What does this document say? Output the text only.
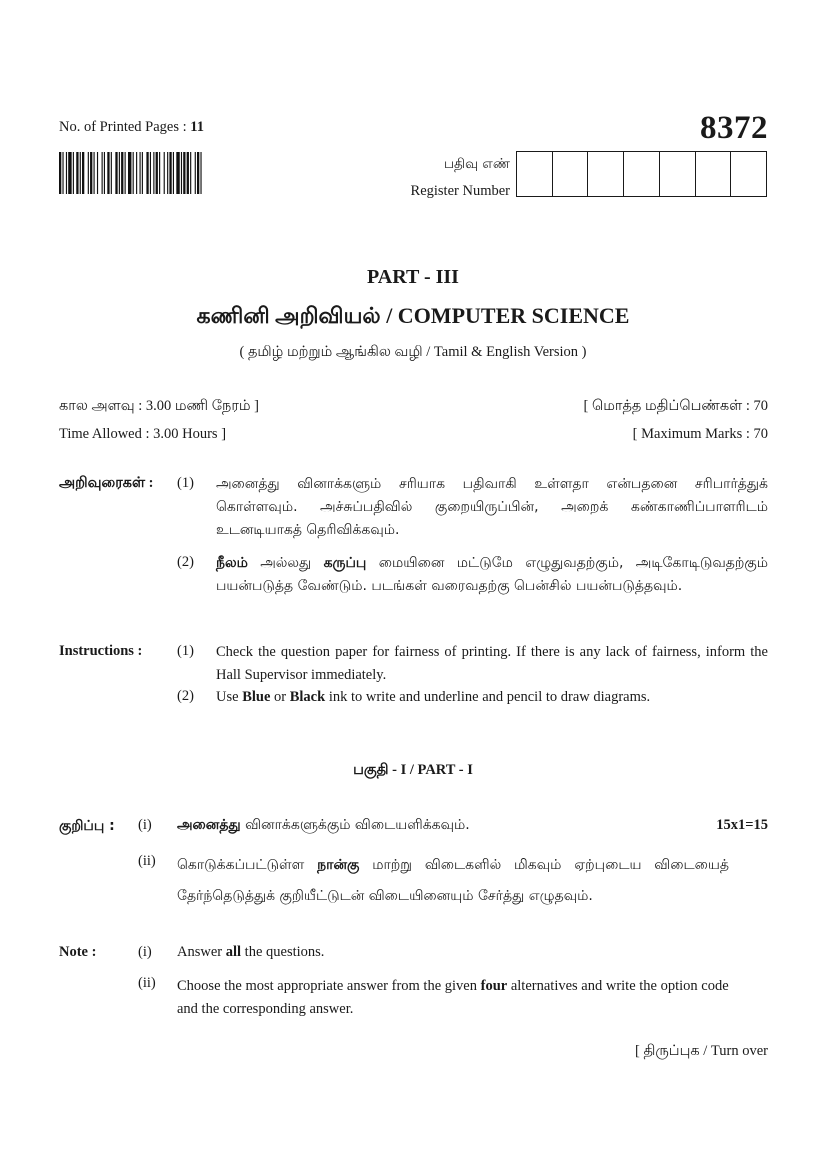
No. of Printed Pages : 11	8372
பதிவு எண்
Register Number
PART - III
கணினி அறிவியல் / COMPUTER SCIENCE
( தமிழ் மற்றும் ஆங்கில வழி / Tamil & English Version )
கால அளவு : 3.00 மணி நேரம் ]
Time Allowed : 3.00 Hours ]
[ மொத்த மதிப்பெண்கள் : 70
[ Maximum Marks : 70
அறிவுரைகள் : (1) அனைத்து வினாக்களும் சரியாக பதிவாகி உள்ளதா என்பதனை சரிபார்த்துக் கொள்ளவும். அச்சுப்பதிவில் குறையிருப்பின், அறைக் கண்காணிப்பாளரிடம் உடனடியாகத் தெரிவிக்கவும்.
(2) நீலம் அல்லது கருப்பு மையினை மட்டுமே எழுதுவதற்கும், அடிகோடிடுவதற்கும் பயன்படுத்த வேண்டும். படங்கள் வரைவதற்கு பென்சில் பயன்படுத்தவும்.
Instructions : (1) Check the question paper for fairness of printing. If there is any lack of fairness, inform the Hall Supervisor immediately.
(2) Use Blue or Black ink to write and underline and pencil to draw diagrams.
பகுதி - I / PART - I
குறிப்பு : (i) அனைத்து வினாக்களுக்கும் விடையளிக்கவும்.	15x1=15
(ii) கொடுக்கப்பட்டுள்ள நான்கு மாற்று விடைகளில் மிகவும் ஏற்புடைய விடையைத் தேர்ந்தெடுத்துக் குறியீட்டுடன் விடையினையும் சேர்த்து எழுதவும்.
Note :	(i) Answer all the questions.
(ii) Choose the most appropriate answer from the given four alternatives and write the option code and the corresponding answer.
[ திருப்புக / Turn over
